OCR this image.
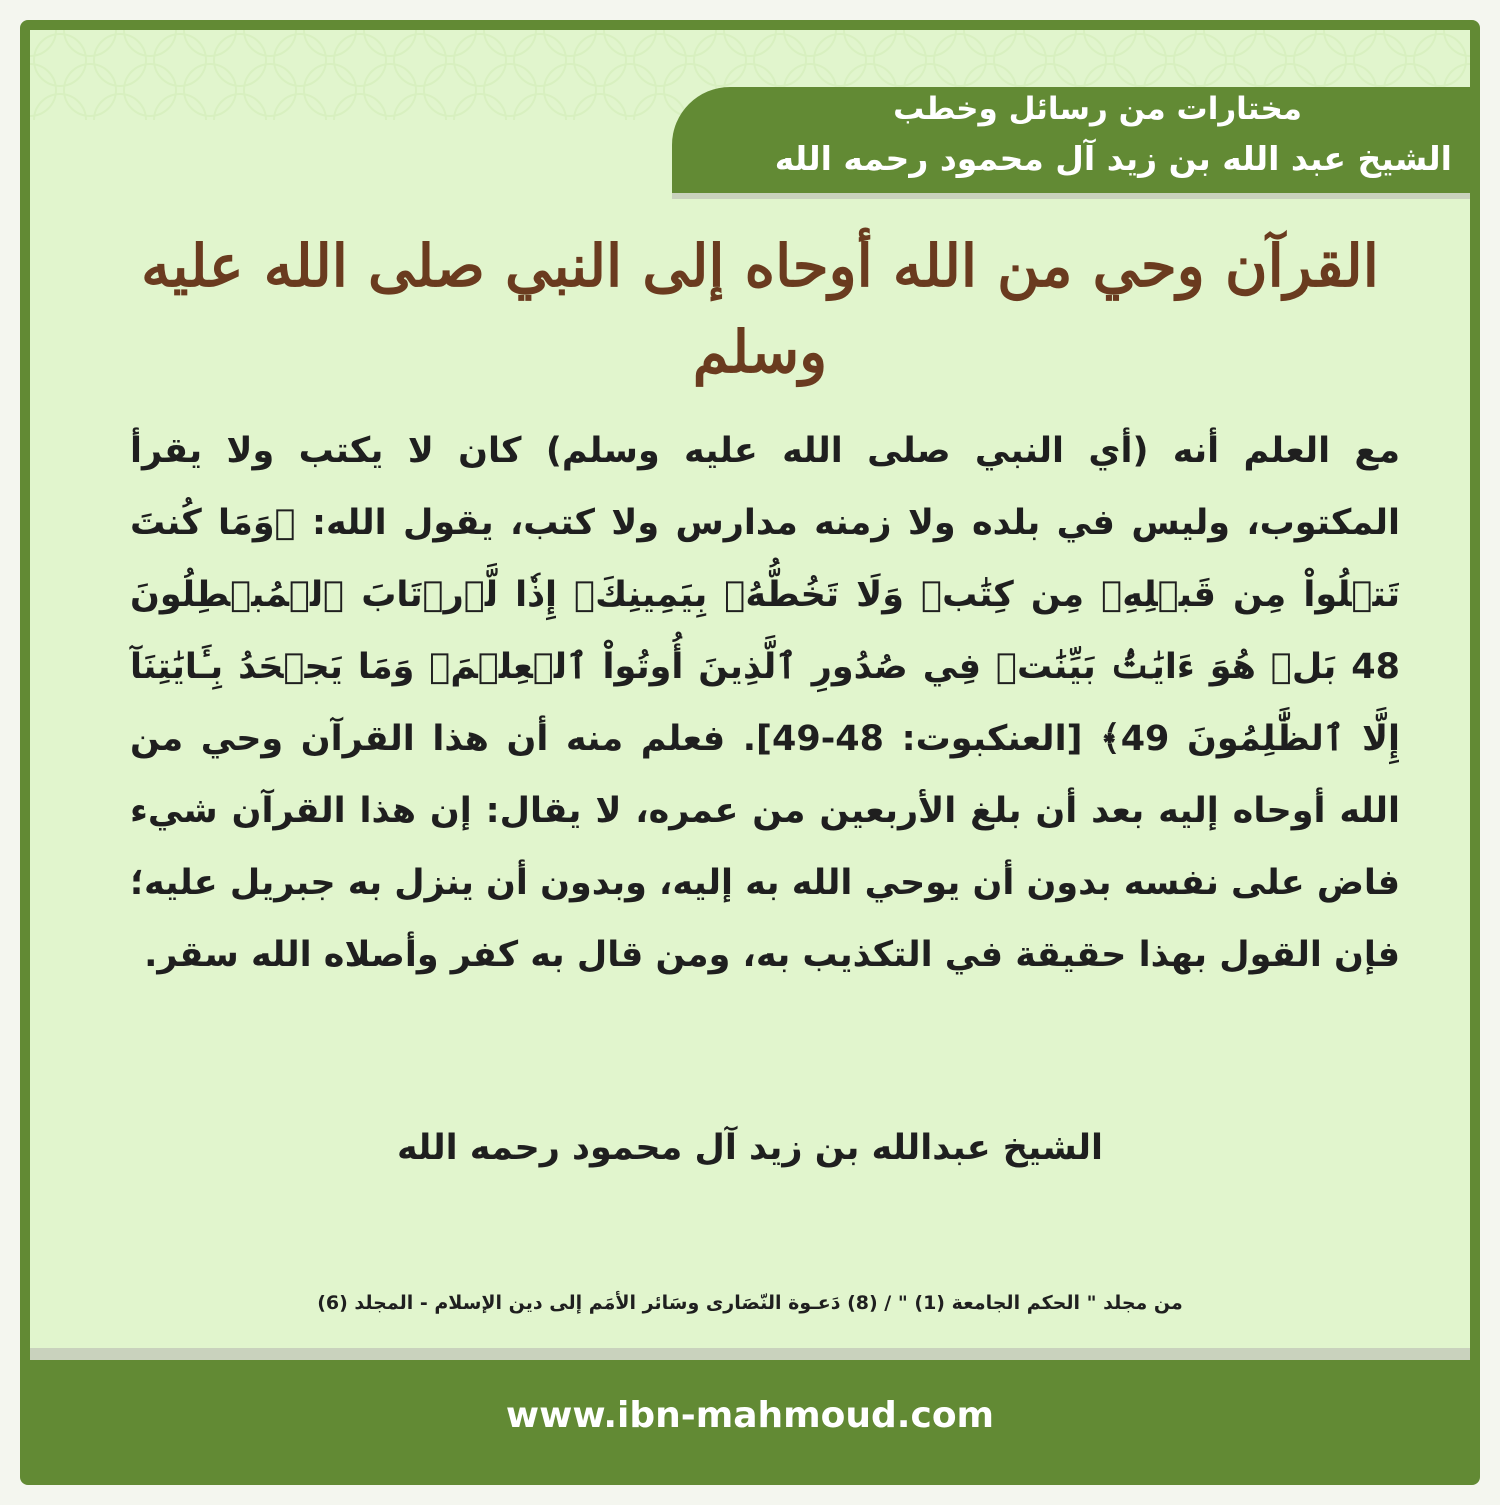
مختارات من رسائل وخطب
الشيخ عبد الله بن زيد آل محمود رحمه الله
القرآن وحي من الله أوحاه إلى النبي صلى الله عليه وسلم
مع العلم أنه (أي النبي صلى الله عليه وسلم) كان لا يكتب ولا يقرأ المكتوب، وليس في بلده ولا زمنه مدارس ولا كتب، يقول الله: ﴿وَمَا كُنتَ تَتۡلُواْ مِن قَبۡلِهِۦ مِن كِتَٰبٖ وَلَا تَخُطُّهُۥ بِيَمِينِكَۖ إِذٗا لَّٱرۡتَابَ ٱلۡمُبۡطِلُونَ 48 بَلۡ هُوَ ءَايَٰتُۢ بَيِّنَٰتٞ فِي صُدُورِ ٱلَّذِينَ أُوتُواْ ٱلۡعِلۡمَۚ وَمَا يَجۡحَدُ بِـَٔايَٰتِنَآ إِلَّا ٱلظَّٰلِمُونَ 49﴾ [العنكبوت: 48-49]. فعلم منه أن هذا القرآن وحي من الله أوحاه إليه بعد أن بلغ الأربعين من عمره، لا يقال: إن هذا القرآن شيء فاض على نفسه بدون أن يوحي الله به إليه، وبدون أن ينزل به جبريل عليه؛ فإن القول بهذا حقيقة في التكذيب به، ومن قال به كفر وأصلاه الله سقر.
الشيخ عبدالله بن زيد آل محمود رحمه الله
من مجلد " الحكم الجامعة (1) " / (8) دَعـوة النّصَارى وسَائر الأمَم إلى دين الإسلام - المجلد (6)
www.ibn-mahmoud.com
